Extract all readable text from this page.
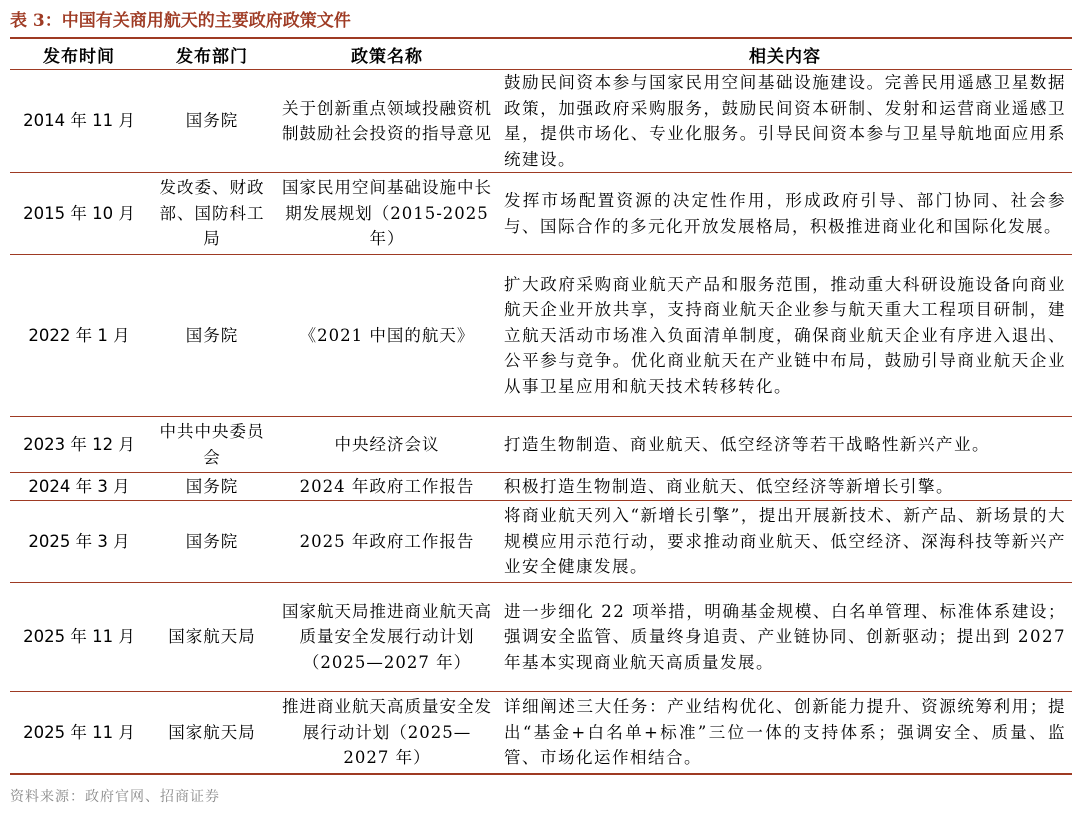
表 3：中国有关商用航天的主要政府政策文件
发布时间	发布部门	政策名称	相关内容
2014 年 11 月	国务院	关于创新重点领域投融资机制鼓励社会投资的指导意见	鼓励民间资本参与国家民用空间基础设施建设。完善民用遥感卫星数据政策，加强政府采购服务，鼓励民间资本研制、发射和运营商业遥感卫星，提供市场化、专业化服务。引导民间资本参与卫星导航地面应用系统建设。
2015 年 10 月	发改委、财政部、国防科工局	国家民用空间基础设施中长期发展规划（2015-2025 年）	发挥市场配置资源的决定性作用，形成政府引导、部门协同、社会参与、国际合作的多元化开放发展格局，积极推进商业化和国际化发展。
2022 年 1 月	国务院	《2021 中国的航天》	扩大政府采购商业航天产品和服务范围，推动重大科研设施设备向商业航天企业开放共享，支持商业航天企业参与航天重大工程项目研制，建立航天活动市场准入负面清单制度，确保商业航天企业有序进入退出、公平参与竞争。优化商业航天在产业链中布局，鼓励引导商业航天企业从事卫星应用和航天技术转移转化。
2023 年 12 月	中共中央委员会	中央经济会议	打造生物制造、商业航天、低空经济等若干战略性新兴产业。
2024 年 3 月	国务院	2024 年政府工作报告	积极打造生物制造、商业航天、低空经济等新增长引擎。
2025 年 3 月	国务院	2025 年政府工作报告	将商业航天列入“新增长引擎”，提出开展新技术、新产品、新场景的大规模应用示范行动，要求推动商业航天、低空经济、深海科技等新兴产业安全健康发展。
2025 年 11 月	国家航天局	国家航天局推进商业航天高质量安全发展行动计划（2025—2027 年）	进一步细化 22 项举措，明确基金规模、白名单管理、标准体系建设；强调安全监管、质量终身追责、产业链协同、创新驱动；提出到 2027 年基本实现商业航天高质量发展。
2025 年 11 月	国家航天局	推进商业航天高质量安全发展行动计划（2025—2027 年）	详细阐述三大任务：产业结构优化、创新能力提升、资源统筹利用；提出“基金+白名单+标准”三位一体的支持体系；强调安全、质量、监管、市场化运作相结合。
资料来源：政府官网、招商证券
